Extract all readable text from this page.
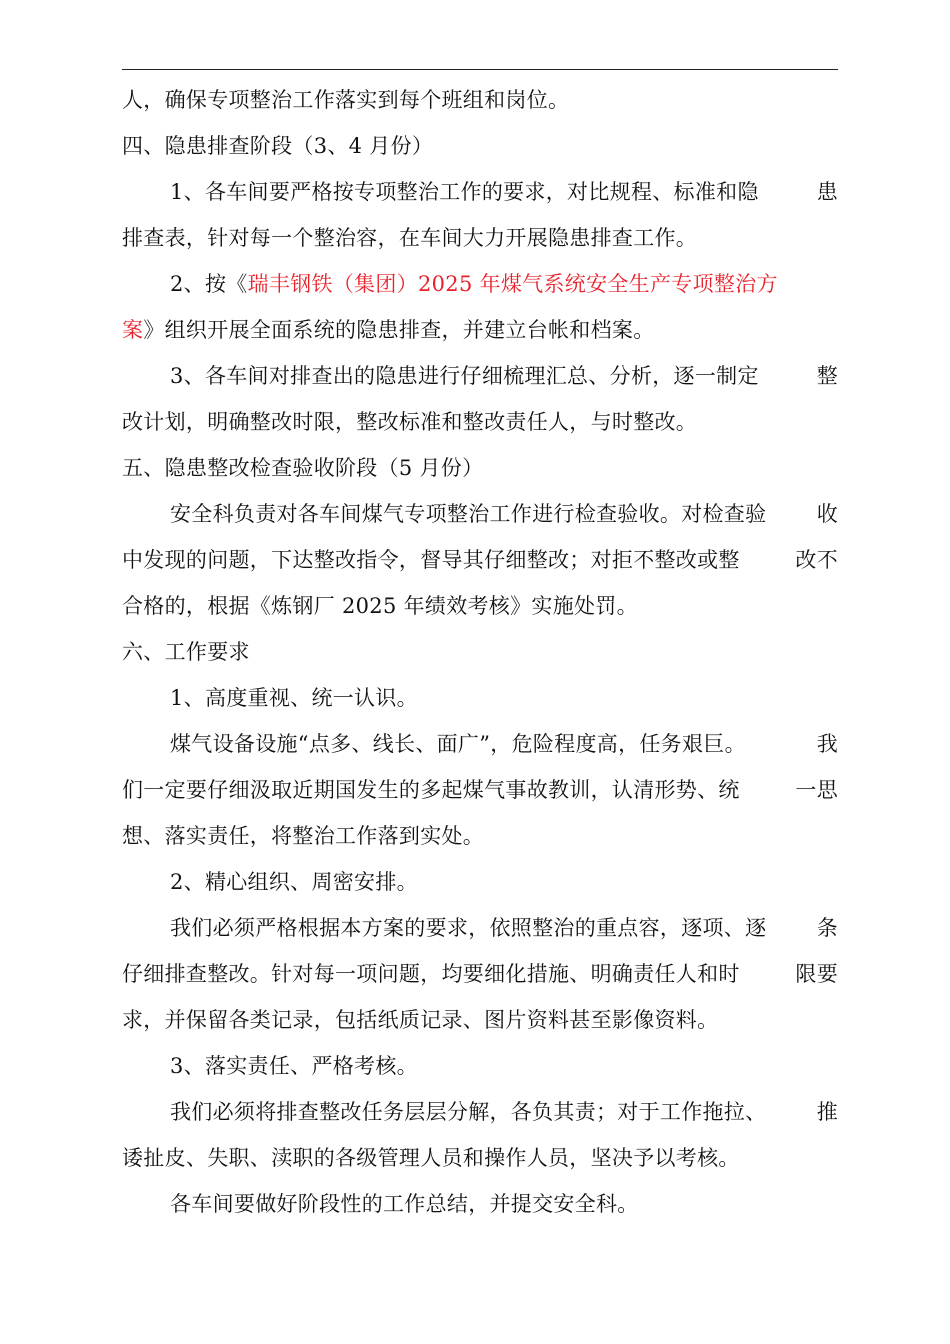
人，确保专项整治工作落实到每个班组和岗位。
四、隐患排查阶段（3、4 月份）
1、各车间要严格按专项整治工作的要求，对比规程、标准和隐	患
排查表，针对每一个整治容，在车间大力开展隐患排查工作。
2、按《瑞丰钢铁（集团）2025 年煤气系统安全生产专项整治方
案》组织开展全面系统的隐患排查，并建立台帐和档案。
3、各车间对排查出的隐患进行仔细梳理汇总、分析，逐一制定	整
改计划，明确整改时限，整改标准和整改责任人，与时整改。
五、隐患整改检查验收阶段（5 月份）
安全科负责对各车间煤气专项整治工作进行检查验收。对检查验 收
中发现的问题，下达整改指令，督导其仔细整改；对拒不整改或整	改不
合格的，根据《炼钢厂 2025 年绩效考核》实施处罚。
六、工作要求
1、高度重视、统一认识。
煤气设备设施“点多、线长、面广”，危险程度高，任务艰巨。	我
们一定要仔细汲取近期国发生的多起煤气事故教训，认清形势、统	一思
想、落实责任，将整治工作落到实处。
2、精心组织、周密安排。
我们必须严格根据本方案的要求，依照整治的重点容，逐项、逐 条
仔细排查整改。针对每一项问题，均要细化措施、明确责任人和时	限要
求，并保留各类记录，包括纸质记录、图片资料甚至影像资料。
3、落实责任、严格考核。
我们必须将排查整改任务层层分解，各负其责；对于工作拖拉、 推
诿扯皮、失职、渎职的各级管理人员和操作人员，坚决予以考核。
各车间要做好阶段性的工作总结，并提交安全科。
